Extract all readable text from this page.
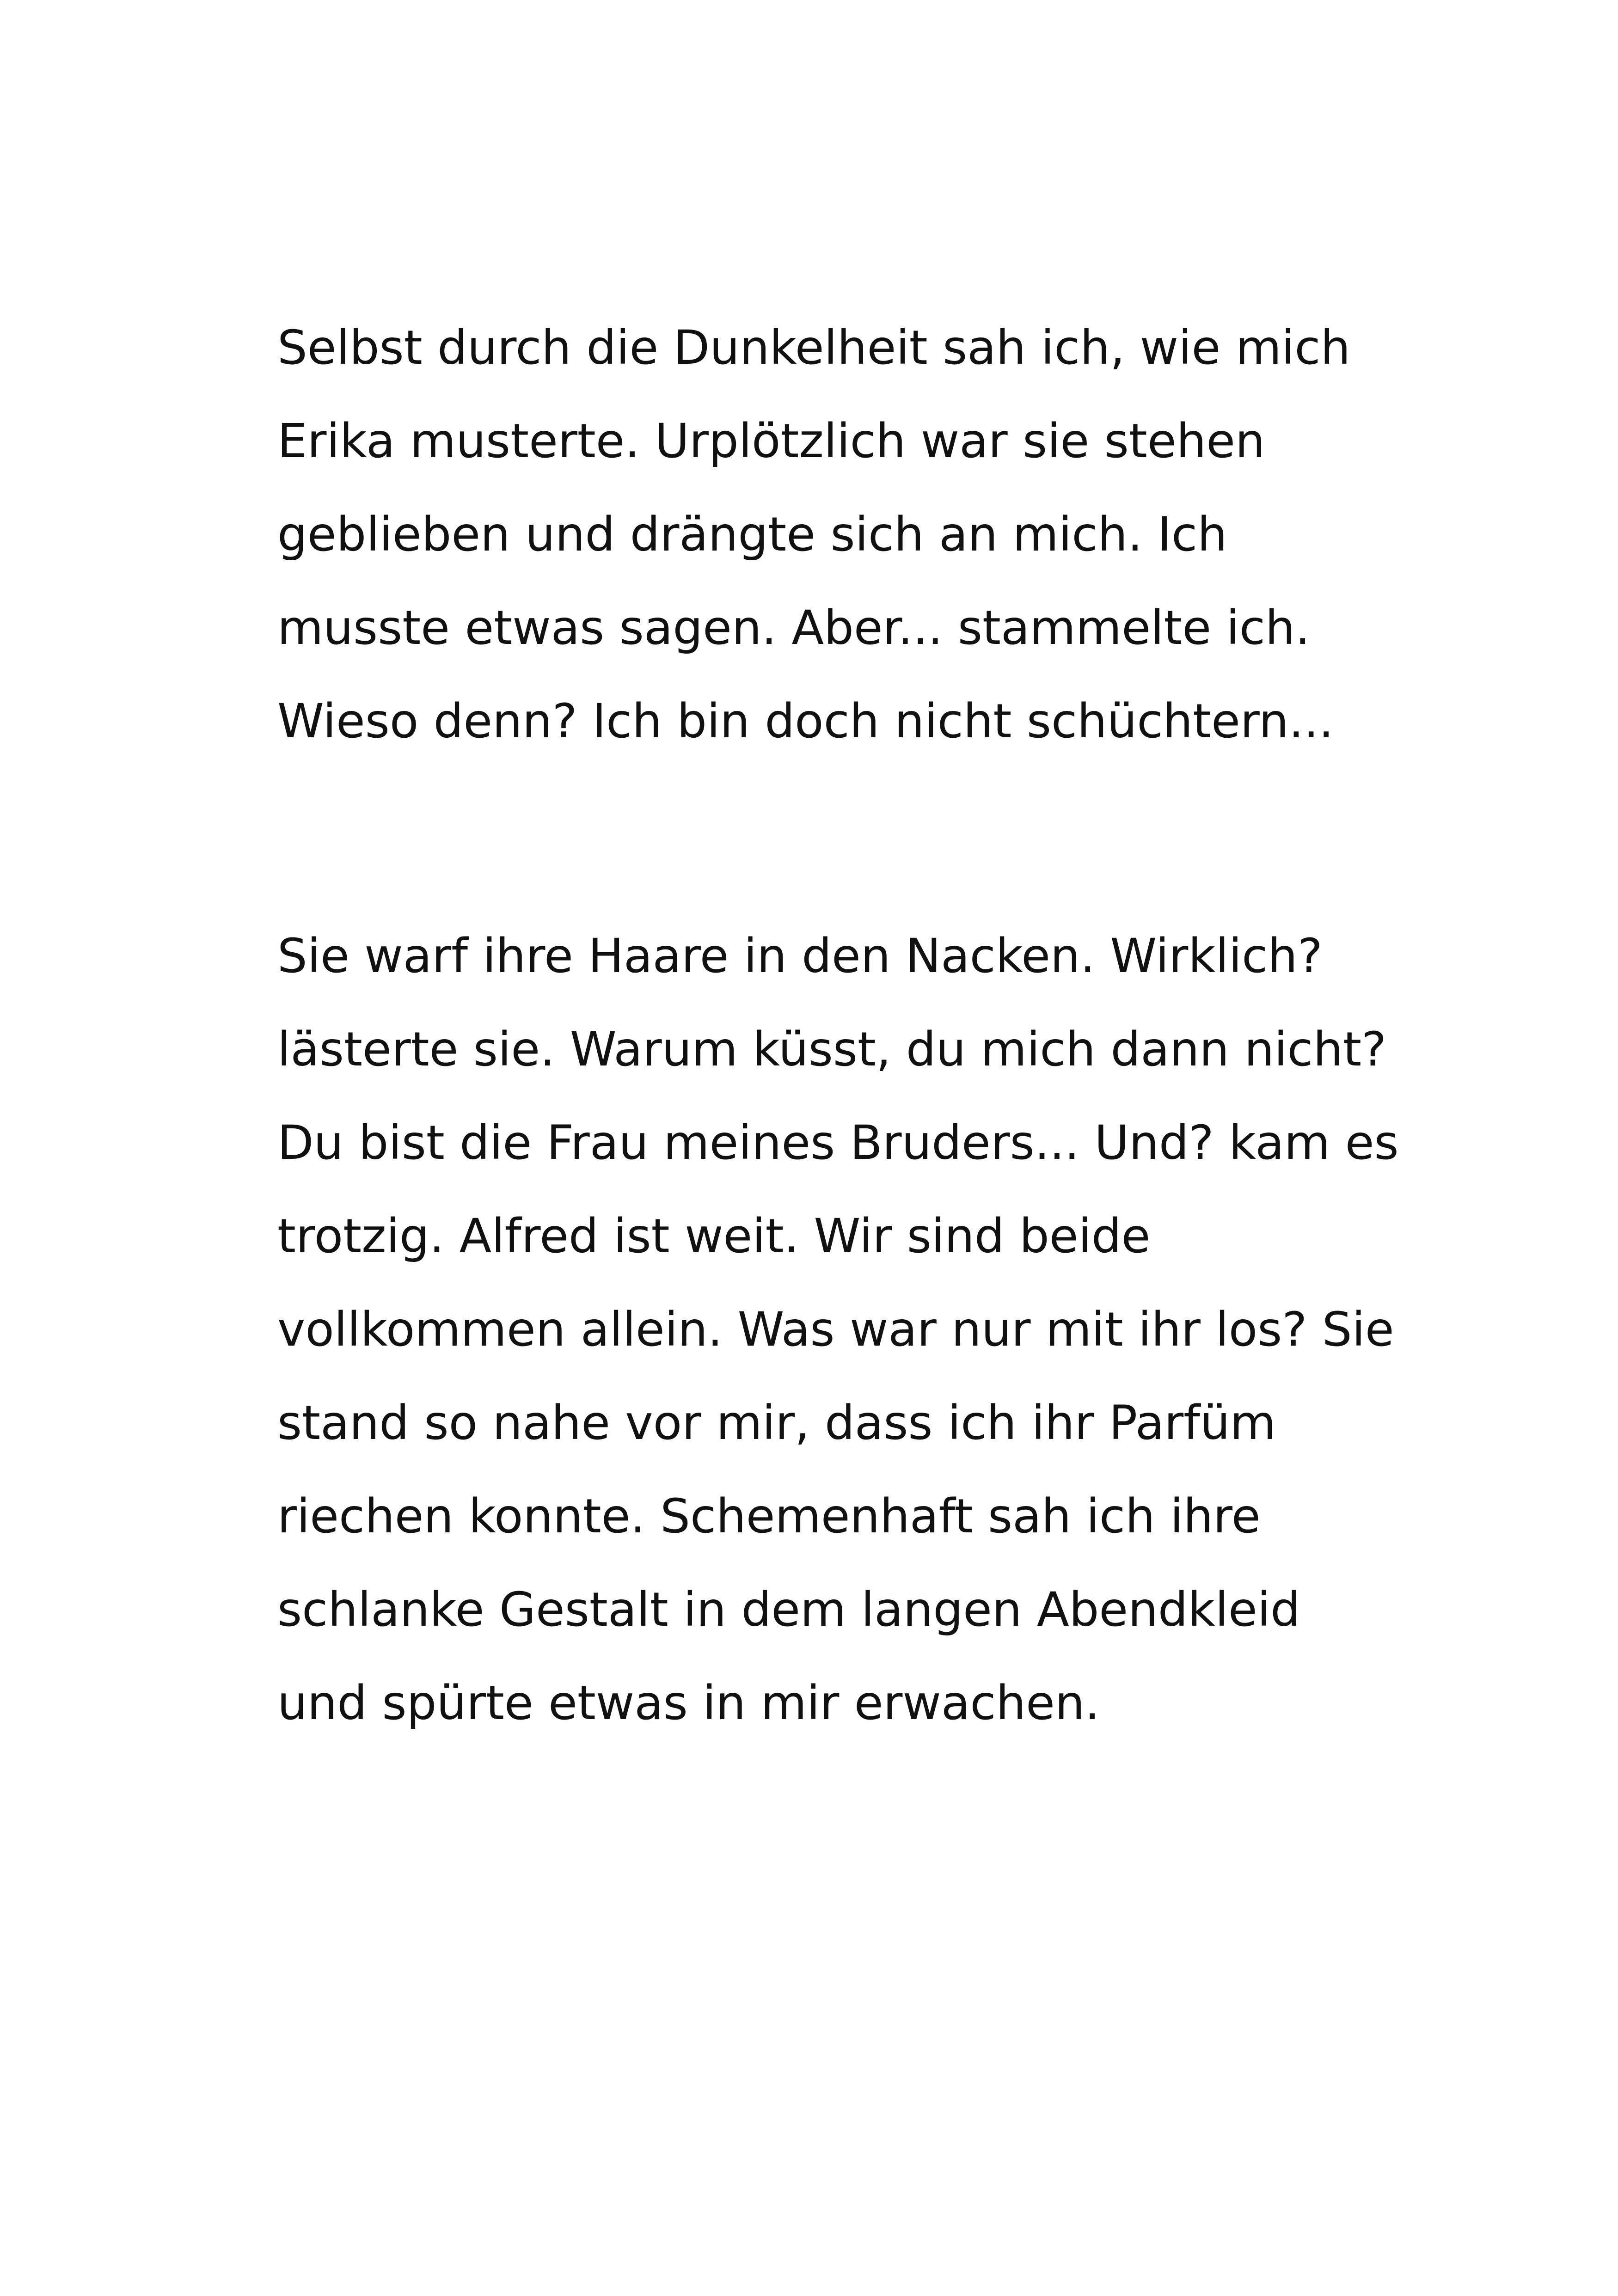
Selbst durch die Dunkelheit sah ich, wie mich
Erika musterte. Urplötzlich war sie stehen
geblieben und drängte sich an mich. Ich
musste etwas sagen. Aber... stammelte ich.
Wieso denn? Ich bin doch nicht schüchtern...

Sie warf ihre Haare in den Nacken. Wirklich?
lästerte sie. Warum küsst, du mich dann nicht?
Du bist die Frau meines Bruders... Und? kam es
trotzig. Alfred ist weit. Wir sind beide
vollkommen allein. Was war nur mit ihr los? Sie
stand so nahe vor mir, dass ich ihr Parfüm
riechen konnte. Schemenhaft sah ich ihre
schlanke Gestalt in dem langen Abendkleid
und spürte etwas in mir erwachen.
